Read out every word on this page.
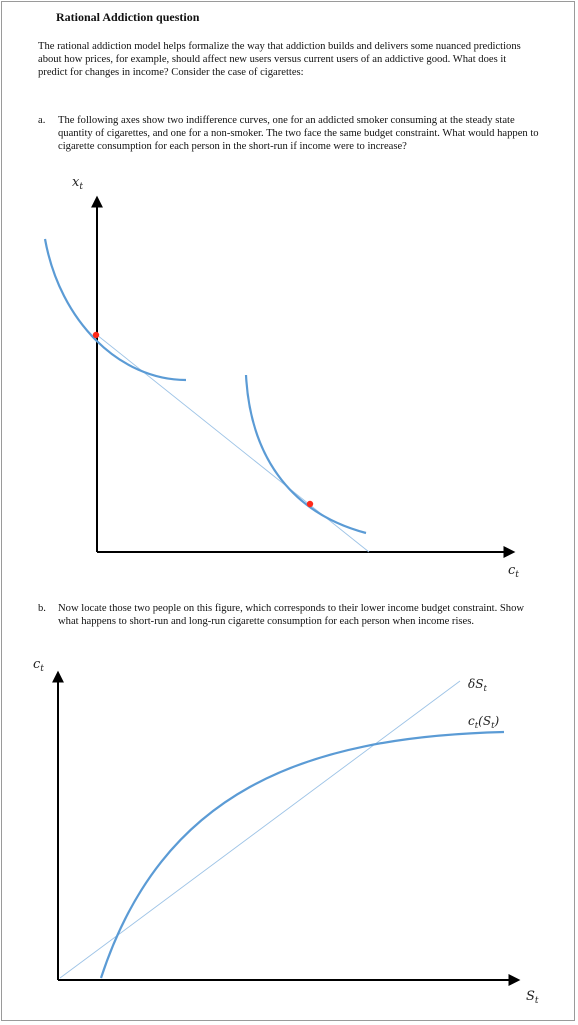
Rational Addiction question
The rational addiction model helps formalize the way that addiction builds and delivers some nuanced predictions about how prices, for example, should affect new users versus current users of an addictive good. What does it predict for changes in income? Consider the case of cigarettes:
a.	The following axes show two indifference curves, one for an addicted smoker consuming at the steady state quantity of cigarettes, and one for a non-smoker. The two face the same budget constraint. What would happen to cigarette consumption for each person in the short-run if income were to increase?
$x_t$
$c_t$
b.	Now locate those two people on this figure, which corresponds to their lower income budget constraint. Show what happens to short-run and long-run cigarette consumption for each person when income rises.
$c_t$
$S_t$
$\delta S_t$
$c_t(S_t)$
